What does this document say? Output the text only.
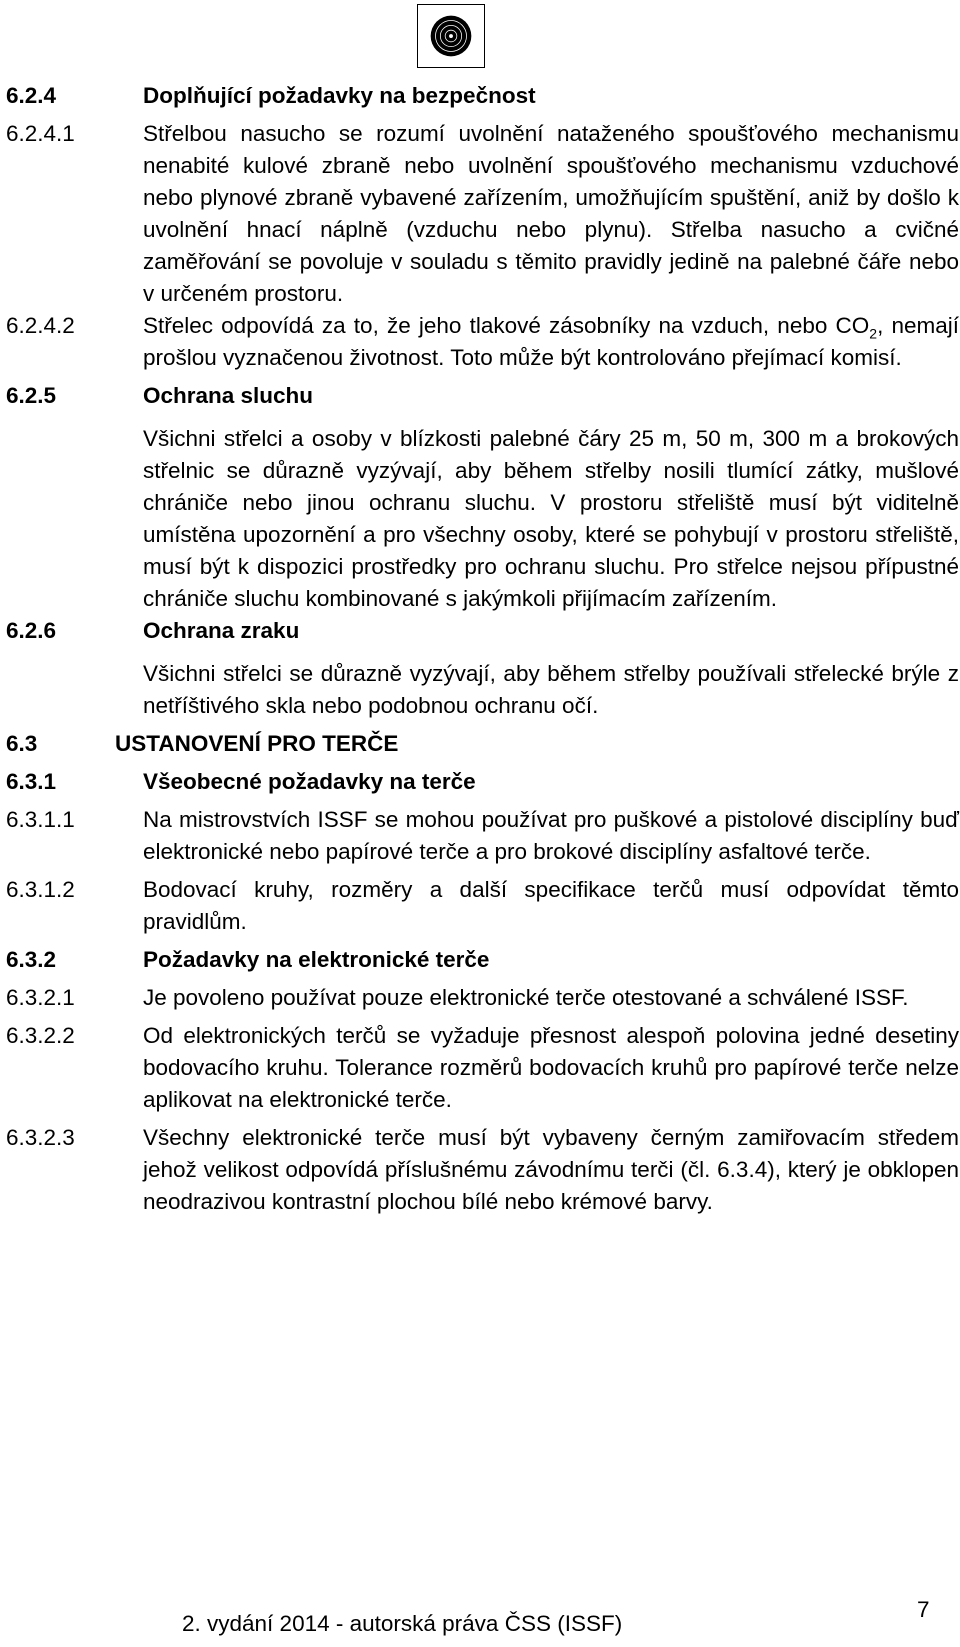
6.2.4	Doplňující požadavky na bezpečnost
6.2.4.1	Střelbou nasucho se rozumí uvolnění nataženého spoušťového mechanismu nenabité kulové zbraně nebo uvolnění spoušťového mechanismu vzduchové nebo plynové zbraně vybavené zařízením, umožňujícím spuštění, aniž by došlo k uvolnění hnací náplně (vzduchu nebo plynu). Střelba nasucho a cvičné zaměřování se povoluje v souladu s těmito pravidly jedině na palebné čáře nebo v určeném prostoru.
6.2.4.2	Střelec odpovídá za to, že jeho tlakové zásobníky na vzduch, nebo $CO_2$, nemají prošlou vyznačenou životnost. Toto může být kontrolováno přejímací komisí.
6.2.5	Ochrana sluchu
Všichni střelci a osoby v blízkosti palebné čáry 25 m, 50 m, 300 m a brokových střelnic se důrazně vyzývají, aby během střelby nosili tlumící zátky, mušlové chrániče nebo jinou ochranu sluchu. V prostoru střeliště musí být viditelně umístěna upozornění a pro všechny osoby, které se pohybují v prostoru střeliště, musí být k dispozici prostředky pro ochranu sluchu. Pro střelce nejsou přípustné chrániče sluchu kombinované s jakýmkoli přijímacím zařízením.
6.2.6	Ochrana zraku
Všichni střelci se důrazně vyzývají, aby během střelby používali střelecké brýle z netříštivého skla nebo podobnou ochranu očí.
6.3	USTANOVENÍ PRO TERČE
6.3.1	Všeobecné požadavky na terče
6.3.1.1	Na mistrovstvích ISSF se mohou používat pro puškové a pistolové disciplíny buď elektronické nebo papírové terče a pro brokové disciplíny asfaltové terče.
6.3.1.2	Bodovací kruhy, rozměry a další specifikace terčů musí odpovídat těmto pravidlům.
6.3.2	Požadavky na elektronické terče
6.3.2.1	Je povoleno používat pouze elektronické terče otestované a schválené ISSF.
6.3.2.2	Od elektronických terčů se vyžaduje přesnost alespoň polovina jedné desetiny bodovacího kruhu. Tolerance rozměrů bodovacích kruhů pro papírové terče nelze aplikovat na elektronické terče.
6.3.2.3	Všechny elektronické terče musí být vybaveny černým zamiřovacím středem jehož velikost odpovídá příslušnému závodnímu terči (čl. 6.3.4), který je obklopen neodrazivou kontrastní plochou bílé nebo krémové barvy.
2. vydání 2014 - autorská práva ČSS (ISSF)
7
